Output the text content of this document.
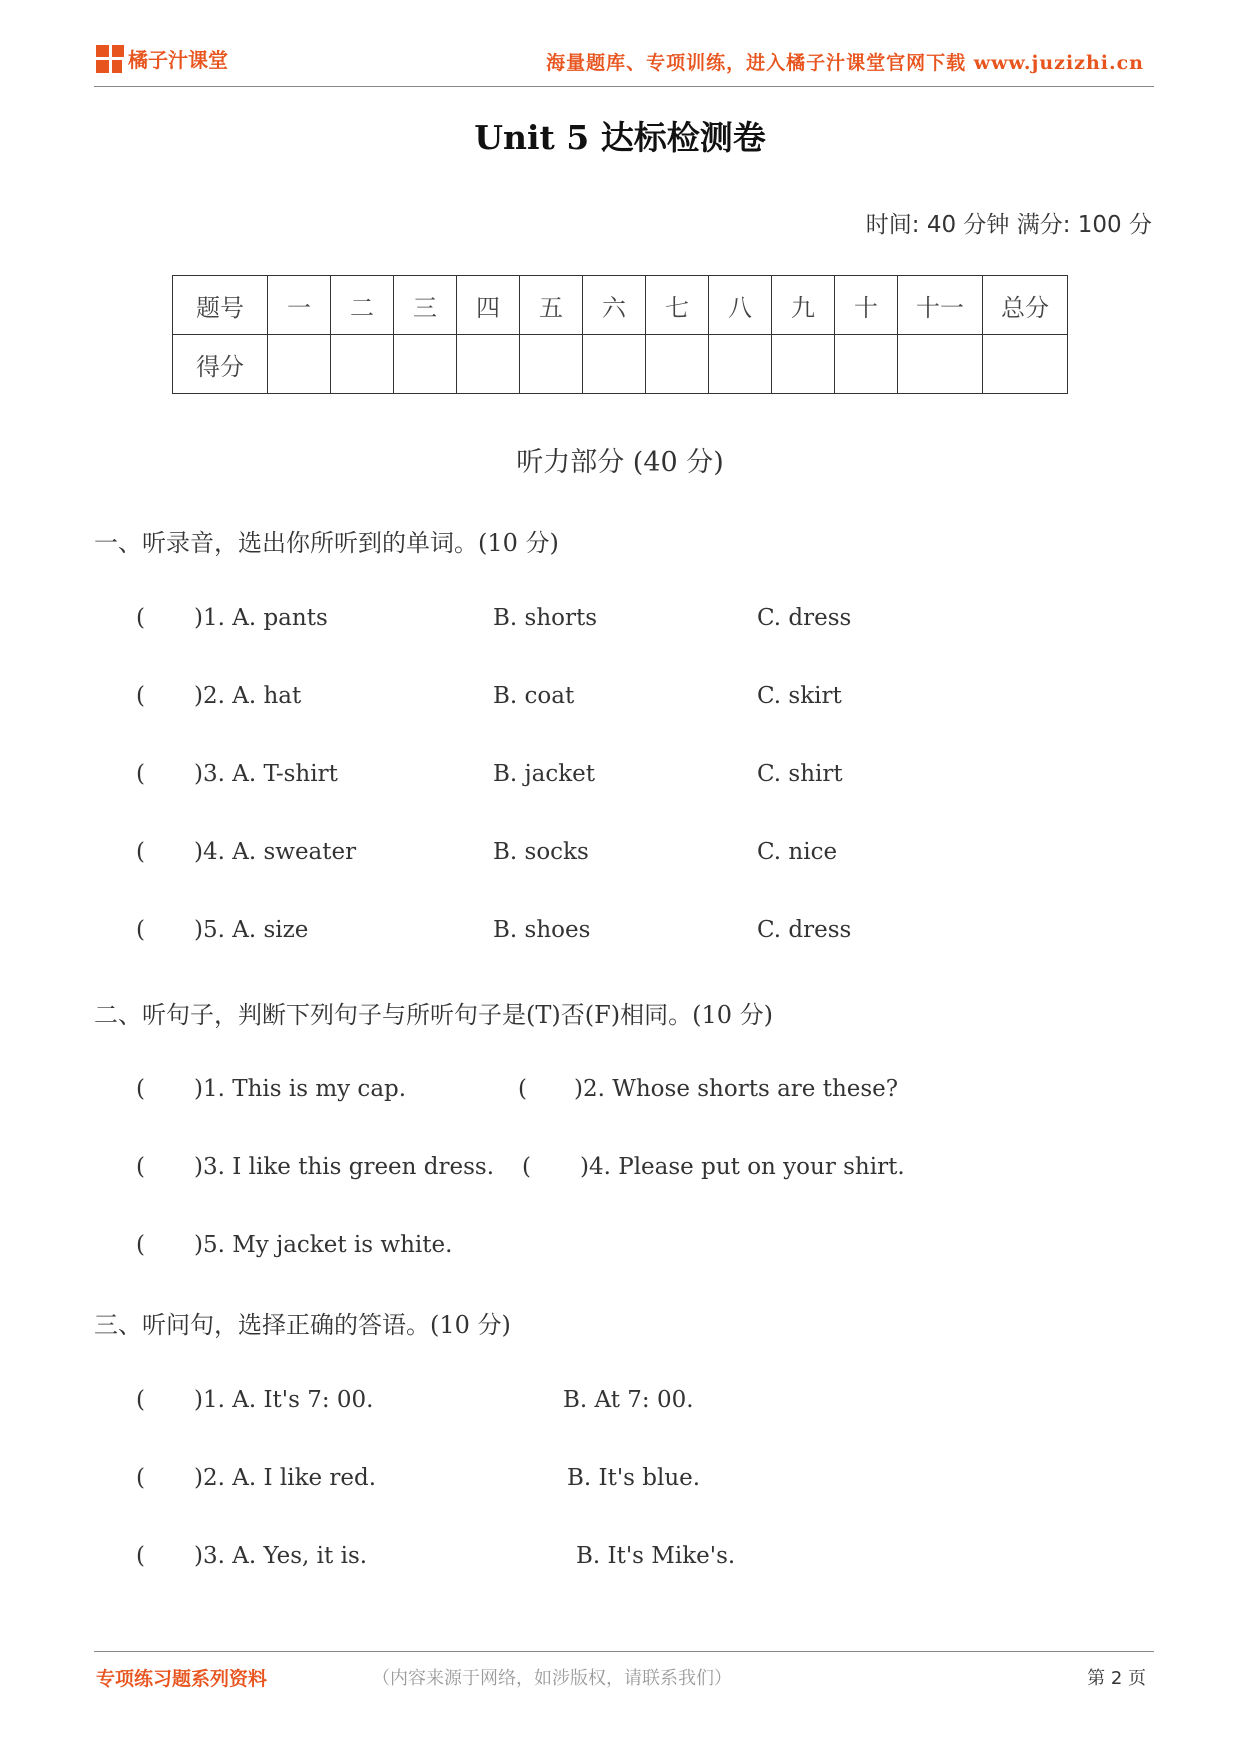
橘子汁课堂	海量题库、专项训练，进入橘子汁课堂官网下载 www.juzizhi.cn
Unit 5 达标检测卷
时间: 40 分钟 满分: 100 分
题号	一	二	三	四	五	六	七	八	九	十	十一	总分
得分												
听力部分 (40 分)
一、听录音，选出你所听到的单词。(10 分)
( )1. A. pants	B. shorts	C. dress
( )2. A. hat	B. coat	C. skirt
( )3. A. T-shirt	B. jacket	C. shirt
( )4. A. sweater	B. socks	C. nice
( )5. A. size	B. shoes	C. dress
二、听句子，判断下列句子与所听句子是(T)否(F)相同。(10 分)
( )1. This is my cap.	( )2. Whose shorts are these?
( )3. I like this green dress. ( )4. Please put on your shirt.
( )5. My jacket is white.
三、听问句，选择正确的答语。(10 分)
( )1. A. It's 7: 00.	B. At 7: 00.
( )2. A. I like red.	B. It's blue.
( )3. A. Yes, it is.	B. It's Mike's.
专项练习题系列资料	（内容来源于网络，如涉版权，请联系我们）	第 2 页
